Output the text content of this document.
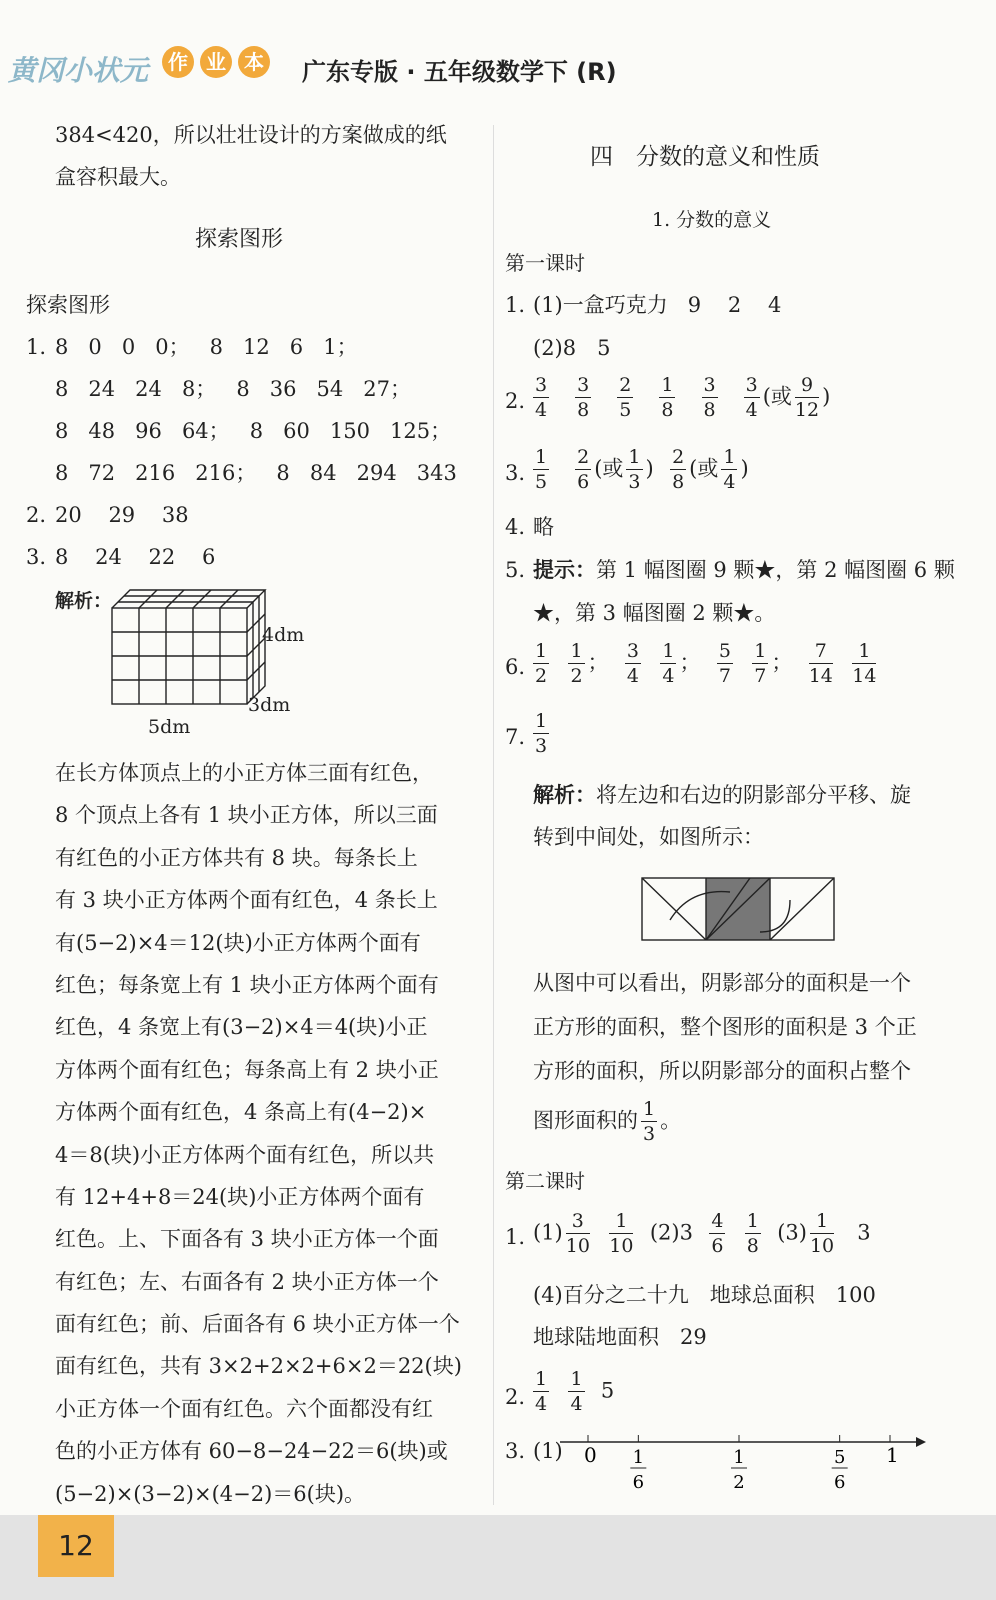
黄冈小状元 作 业 本 广东专版 · 五年级数学下 (R)
384<420，所以壮壮设计的方案做成的纸
盒容积最大。
探索图形
探索图形
1. 8 0 0 0； 8 12 6 1；
8 24 24 8； 8 36 54 27；
8 48 96 64； 8 60 150 125；
8 72 216 216； 8 84 294 343
2. 20 29 38
3. 8 24 22 6
解析：
4dm
3dm
5dm
在长方体顶点上的小正方体三面有红色，
8 个顶点上各有 1 块小正方体，所以三面
有红色的小正方体共有 8 块。每条长上
有 3 块小正方体两个面有红色，4 条长上
有(5−2)×4＝12(块)小正方体两个面有
红色；每条宽上有 1 块小正方体两个面有
红色，4 条宽上有(3−2)×4＝4(块)小正
方体两个面有红色；每条高上有 2 块小正
方体两个面有红色，4 条高上有(4−2)×
4＝8(块)小正方体两个面有红色，所以共
有 12+4+8＝24(块)小正方体两个面有
红色。上、下面各有 3 块小正方体一个面
有红色；左、右面各有 2 块小正方体一个
面有红色；前、后面各有 6 块小正方体一个
面有红色，共有 3×2+2×2+6×2＝22(块)
小正方体一个面有红色。六个面都没有红
色的小正方体有 60−8−24−22＝6(块)或
(5−2)×(3−2)×(4−2)＝6(块)。
四　分数的意义和性质
1. 分数的意义
第一课时
1. (1)一盒巧克力 9 2 4
(2)8　5
2. $\frac{3}{4}$
$\frac{3}{8}$
$\frac{2}{5}$
$\frac{1}{8}$
$\frac{3}{8}$
$\frac{3}{4}$ (或 $\frac{9}{12}$ )
3. $\frac{1}{5}$
$\frac{2}{6}$ (或 $\frac{1}{3}$ ) $\frac{2}{8}$ (或 $\frac{1}{4}$ )
4. 略
5. 提示：第 1 幅图圈 9 颗★，第 2 幅图圈 6 颗
★，第 3 幅图圈 2 颗★。
6. $\frac{1}{2}$
$\frac{1}{2}$ ； $\frac{3}{4}$
$\frac{1}{4}$ ； $\frac{5}{7}$
$\frac{1}{7}$ ； $\frac{7}{14}$
$\frac{1}{14}$
7. $\frac{1}{3}$
解析：将左边和右边的阴影部分平移、旋
转到中间处，如图所示：
从图中可以看出，阴影部分的面积是一个
正方形的面积，整个图形的面积是 3 个正
方形的面积，所以阴影部分的面积占整个
图形面积的 $\frac{1}{3}$ 。
第二课时
1. $(1) \frac{3}{10}$
$\frac{1}{10} (2)3 \frac{4}{6}$
$\frac{1}{8} (3) \frac{1}{10} 3$
(4)百分之二十九　地球总面积　100
地球陆地面积　29
2. $\frac{1}{4}$
$\frac{1}{4} 5$
3. (1) 0	1
1
6
1
2
5
6
12
